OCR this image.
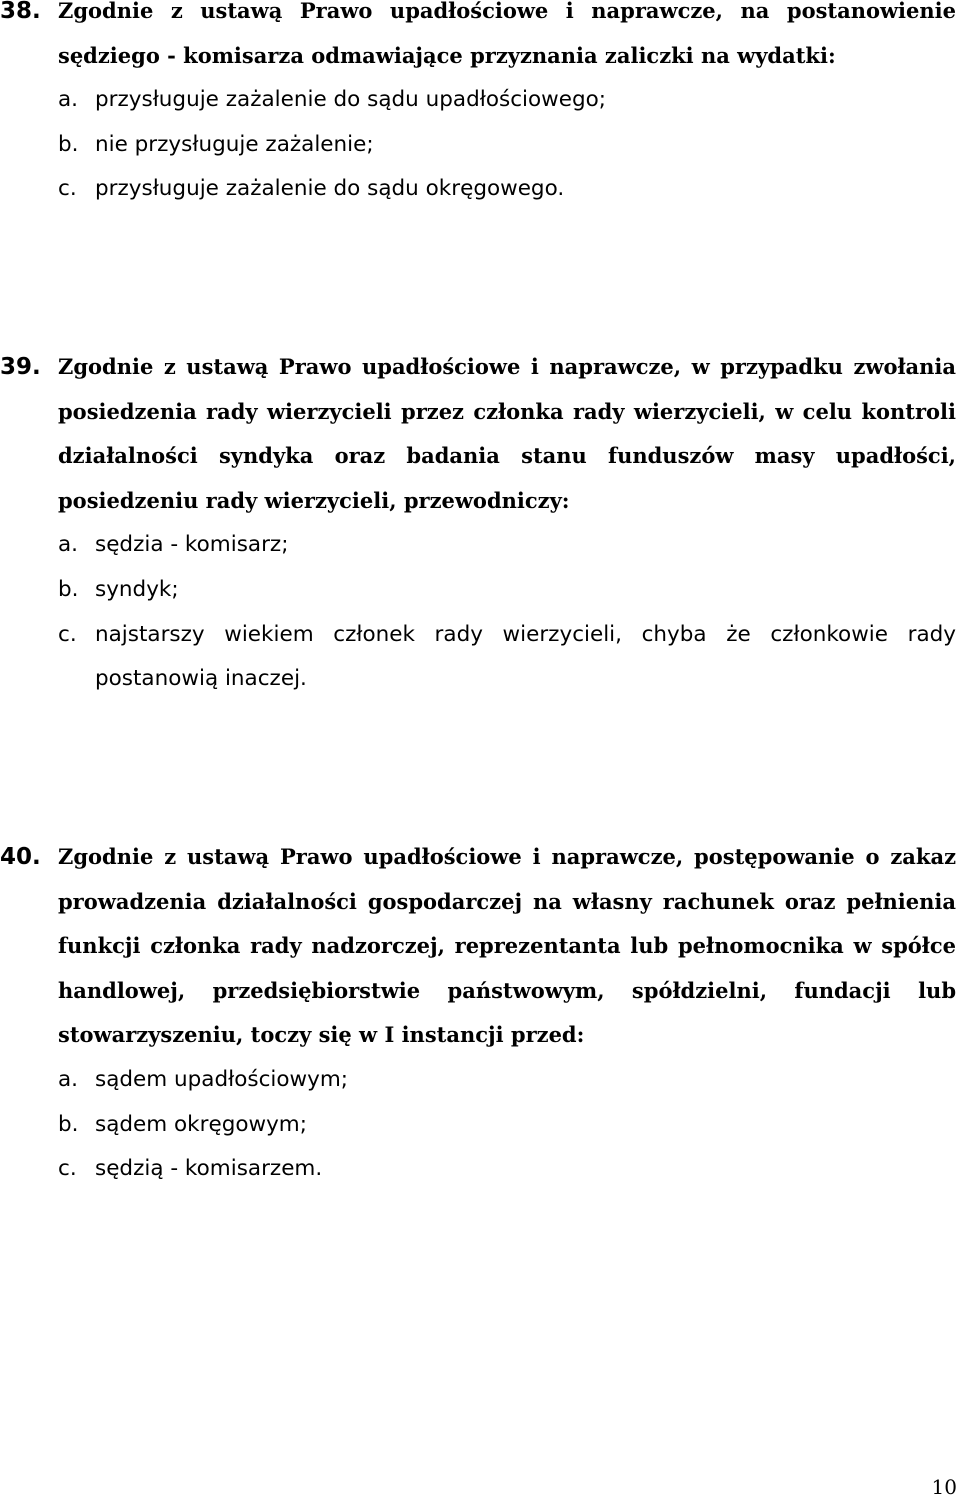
38. Zgodnie z ustawą Prawo upadłościowe i naprawcze, na postanowienie sędziego - komisarza odmawiające przyznania zaliczki na wydatki:
a. przysługuje zażalenie do sądu upadłościowego;
b. nie przysługuje zażalenie;
c. przysługuje zażalenie do sądu okręgowego.
39. Zgodnie z ustawą Prawo upadłościowe i naprawcze, w przypadku zwołania posiedzenia rady wierzycieli przez członka rady wierzycieli, w celu kontroli działalności syndyka oraz badania stanu funduszów masy upadłości, posiedzeniu rady wierzycieli, przewodniczy:
a. sędzia - komisarz;
b. syndyk;
c. najstarszy wiekiem członek rady wierzycieli, chyba że członkowie rady postanowią inaczej.
40. Zgodnie z ustawą Prawo upadłościowe i naprawcze, postępowanie o zakaz prowadzenia działalności gospodarczej na własny rachunek oraz pełnienia funkcji członka rady nadzorczej, reprezentanta lub pełnomocnika w spółce handlowej, przedsiębiorstwie państwowym, spółdzielni, fundacji lub stowarzyszeniu, toczy się w I instancji przed:
a. sądem upadłościowym;
b. sądem okręgowym;
c. sędzią - komisarzem.
10
